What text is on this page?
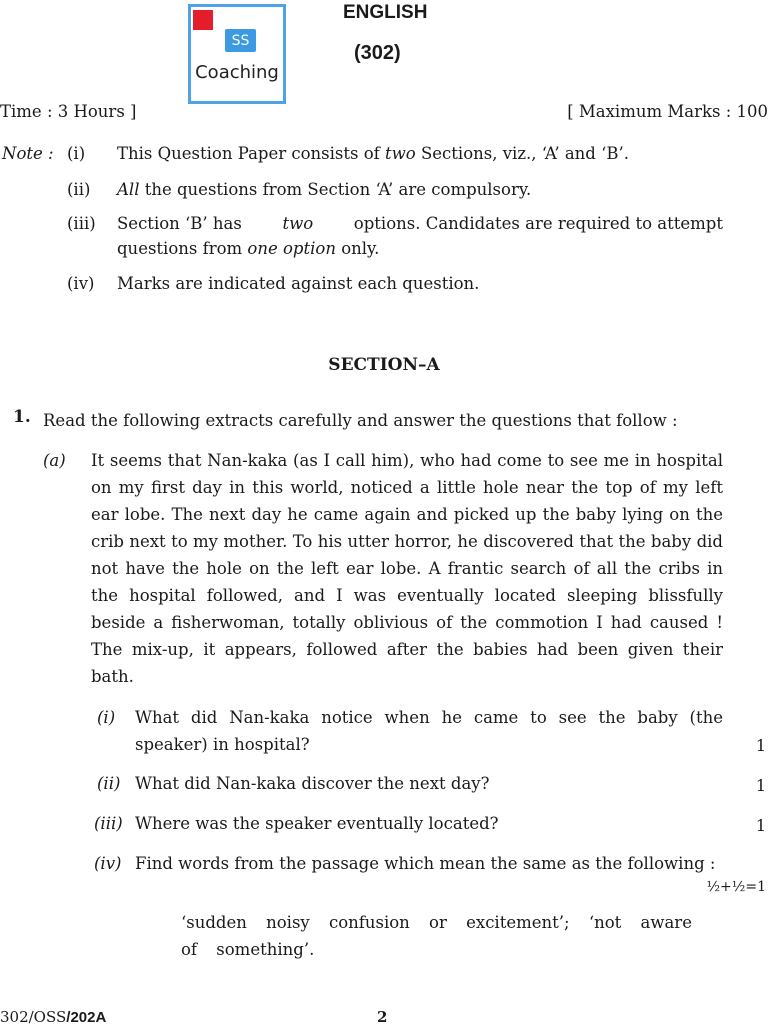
SS
Coaching
ENGLISH
(302)
Time : 3 Hours ]	[ Maximum Marks : 100
Note : (i) This Question Paper consists of two Sections, viz., ‘A’ and ‘B’.
(ii) All the questions from Section ‘A’ are compulsory.
(iii) Section ‘B’ has two options. Candidates are required to attempt
questions from one option only.
(iv) Marks are indicated against each question.
SECTION–A
1. Read the following extracts carefully and answer the questions that follow :
(a) It seems that Nan-kaka (as I call him), who had come to see me in hospital on my first day in this world, noticed a little hole near the top of my left ear lobe. The next day he came again and picked up the baby lying on the crib next to my mother. To his utter horror, he discovered that the baby did not have the hole on the left ear lobe. A frantic search of all the cribs in the hospital followed, and I was eventually located sleeping blissfully beside a fisherwoman, totally oblivious of the commotion I had caused ! The mix-up, it appears, followed after the babies had been given their bath.
(i) What did Nan-kaka notice when he came to see the baby (the speaker) in hospital?	1
(ii) What did Nan-kaka discover the next day?	1
(iii) Where was the speaker eventually located?	1
(iv) Find words from the passage which mean the same as the following :
½+½=1
‘sudden noisy confusion or excitement’; ‘not aware of something’.
302/OSS/202A	2
